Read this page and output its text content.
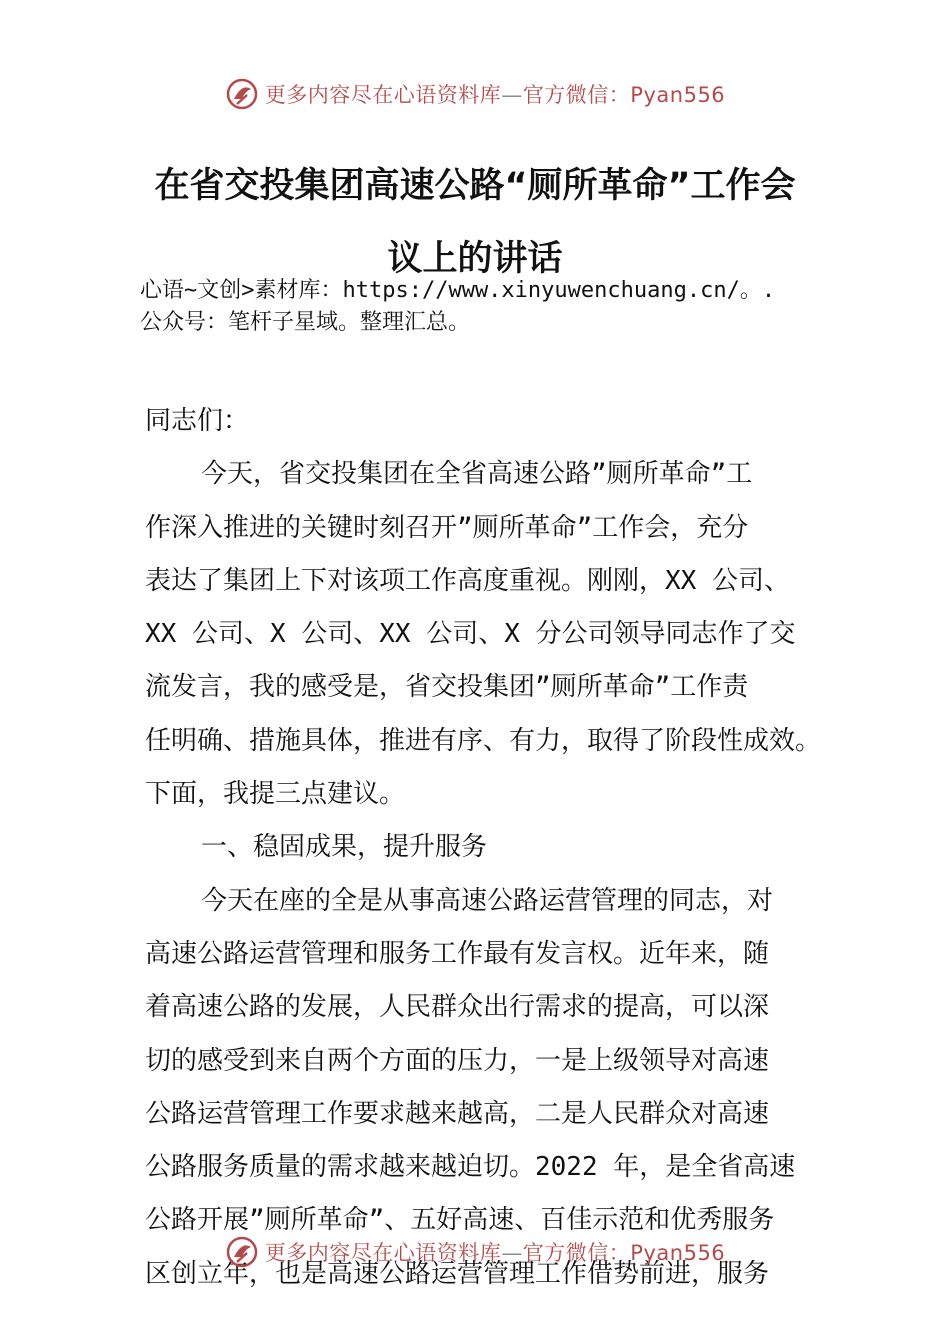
更多内容尽在心语资料库—官方微信：Pyan556
在省交投集团高速公路“厕所革命”工作会
议上的讲话
心语~文创>素材库：https://www.xinyuwenchuang.cn/。.
公众号：笔杆子星域。整理汇总。

同志们：

今天，省交投集团在全省高速公路”厕所革命”工

作深入推进的关键时刻召开”厕所革命”工作会，充分

表达了集团上下对该项工作高度重视。刚刚，XX 公司、

XX 公司、X 公司、XX 公司、X 分公司领导同志作了交

流发言，我的感受是，省交投集团”厕所革命”工作责

任明确、措施具体，推进有序、有力，取得了阶段性成效。

下面，我提三点建议。

一、稳固成果，提升服务

今天在座的全是从事高速公路运营管理的同志，对

高速公路运营管理和服务工作最有发言权。近年来，随

着高速公路的发展，人民群众出行需求的提高，可以深

切的感受到来自两个方面的压力，一是上级领导对高速

公路运营管理工作要求越来越高，二是人民群众对高速

公路服务质量的需求越来越迫切。2022 年，是全省高速

公路开展”厕所革命”、五好高速、百佳示范和优秀服务

区创立年，也是高速公路运营管理工作借势前进，服务

更多内容尽在心语资料库—官方微信：Pyan556
